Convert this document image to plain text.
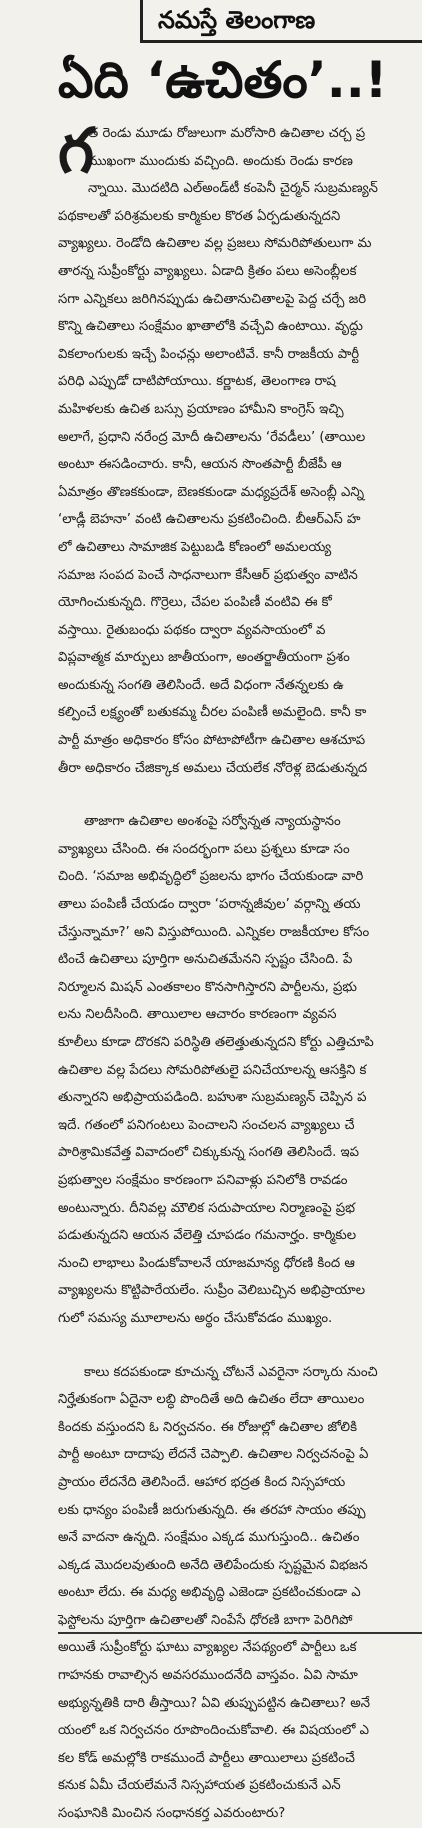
నమస్తే తెలంగాణ
ఏది ‘ఉచితం’..!
గ
త రెండు మూడు రోజులుగా మరోసారి ఉచితాల చర్చ ప్ర
ముఖంగా ముందుకు వచ్చింది. అందుకు రెండు కారణ
న్నాయి. మొదటిది ఎల్‌అండ్‌టీ కంపెనీ చైర్మన్ సుబ్రమణ్యన్
పథకాలతో పరిశ్రమలకు కార్మికుల కొరత ఏర్పడుతున్నదని
వ్యాఖ్యలు. రెండోది ఉచితాల వల్ల ప్రజలు సోమరిపోతులుగా మ
తారన్న సుప్రీంకోర్టు వ్యాఖ్యలు. ఏడాది క్రితం పలు అసెంబ్లీలక
సగా ఎన్నికలు జరిగినప్పుడు ఉచితానుచితాలపై పెద్ద చర్చే జరి
కొన్ని ఉచితాలు సంక్షేమం ఖాతాలోకి వచ్చేవి ఉంటాయి. వృద్ధు
వికలాంగులకు ఇచ్చే పింఛన్లు అలాంటివే. కానీ రాజకీయ పార్టీ
పరిధి ఎప్పుడో దాటిపోయాయి. కర్ణాటక, తెలంగాణ రాష
మహిళలకు ఉచిత బస్సు ప్రయాణం హామీని కాంగ్రెస్ ఇచ్చి
అలాగే, ప్రధాని నరేంద్ర మోదీ ఉచితాలను ‘రేవడీలు’ (తాయిల
అంటూ ఈసడించారు. కానీ, ఆయన సొంతపార్టీ బీజేపీ ఆ
ఏమాత్రం తొణకకుండా, బెణకకుండా మధ్యప్రదేశ్ అసెంబ్లీ ఎన్ని
‘లాడ్లీ బెహనా’ వంటి ఉచితాలను ప్రకటించింది. బీఆర్ఎస్ హ
లో ఉచితాలు సామాజిక పెట్టుబడి కోణంలో అమలయ్య
సమాజ సంపద పెంచే సాధనాలుగా కేసీఆర్ ప్రభుత్వం వాటిన
యోగించుకున్నది. గొర్రెలు, చేపల పంపిణీ వంటివి ఈ కో
వస్తాయి. రైతుబంధు పథకం ద్వారా వ్యవసాయంలో వ
విప్లవాత్మక మార్పులు జాతీయంగా, అంతర్జాతీయంగా ప్రశం
అందుకున్న సంగతి తెలిసిందే. అదే విధంగా నేతన్నలకు ఉ
కల్పించే లక్ష్యంతో బతుకమ్మ చీరల పంపిణీ అమలైంది. కానీ కా
పార్టీ మాత్రం అధికారం కోసం పోటాపోటీగా ఉచితాల ఆశచూప
తీరా అధికారం చేజిక్కాక అమలు చేయలేక నోరెళ్ల బెడుతున్నద
తాజాగా ఉచితాల అంశంపై సర్వోన్నత న్యాయస్థానం
వ్యాఖ్యలు చేసింది. ఈ సందర్భంగా పలు ప్రశ్నలు కూడా సం
చింది. ‘సమాజ అభివృద్ధిలో ప్రజలను భాగం చేయకుండా వారి
తాలు పంపిణీ చేయడం ద్వారా ‘పరాన్నజీవుల’ వర్గాన్ని తయ
చేస్తున్నామా?’ అని విస్తుపోయింది. ఎన్నికల రాజకీయాల కోసం
టించే ఉచితాలు పూర్తిగా అనుచితమేనని స్పష్టం చేసింది. పే
నిర్మూలన మిషన్ ఎంతకాలం కొనసాగిస్తారని పార్టీలను, ప్రభు
లను నిలదీసింది. తాయిలాల ఆచారం కారణంగా వ్యవస
కూలీలు కూడా దొరకని పరిస్థితి తలెత్తుతున్నదని కోర్టు ఎత్తిచూపి
ఉచితాల వల్ల పేదలు సోమరిపోతులై పనిచేయాలన్న ఆసక్తిని క
తున్నారని అభిప్రాయపడింది. బహుశా సుబ్రమణ్యన్ చెప్పిన ప
ఇదే. గతంలో పనిగంటలు పెంచాలని సంచలన వ్యాఖ్యలు చే
పారిశ్రామికవేత్త వివాదంలో చిక్కుకున్న సంగతి తెలిసిందే. ఇప
ప్రభుత్వాల సంక్షేమం కారణంగా పనివాళ్లు పనిలోకి రావడం
అంటున్నారు. దీనివల్ల మౌలిక సదుపాయాల నిర్మాణంపై ప్రభ
పడుతున్నదని ఆయన వేలెత్తి చూపడం గమనార్హం. కార్మికుల
నుంచి లాభాలు పిండుకోవాలనే యాజమాన్య ధోరణి కింద ఆ
వ్యాఖ్యలను కొట్టిపారేయలేం. సుప్రీం వెలిబుచ్చిన అభిప్రాయాల
గులో సమస్య మూలాలను అర్థం చేసుకోవడం ముఖ్యం.
కాలు కదపకుండా కూచున్న చోటనే ఎవరైనా సర్కారు నుంచి
నిర్హేతుకంగా ఏదైనా లబ్ధి పొందితే అది ఉచితం లేదా తాయిలం
కిందకు వస్తుందని ఓ నిర్వచనం. ఈ రోజుల్లో ఉచితాల జోలికి
పార్టీ అంటూ దాదాపు లేదనే చెప్పాలి. ఉచితాల నిర్వచనంపై ఏ
ప్రాయం లేదనేది తెలిసిందే. ఆహార భద్రత కింద నిస్సహాయ
లకు ధాన్యం పంపిణీ జరుగుతున్నది. ఈ తరహా సాయం తప్పు
అనే వాదనా ఉన్నది. సంక్షేమం ఎక్కడ ముగుస్తుంది.. ఉచితం
ఎక్కడ మొదలవుతుంది అనేది తెలిపేందుకు స్పష్టమైన విభజన
అంటూ లేదు. ఈ మధ్య అభివృద్ధి ఎజెండా ప్రకటించకుండా ఎ
ఫెస్టోలను పూర్తిగా ఉచితాలతో నింపేసే ధోరణి బాగా పెరిగిపో
అయితే సుప్రీంకోర్టు ఘాటు వ్యాఖ్యల నేపథ్యంలో పార్టీలు ఒక
గాహనకు రావాల్సిన అవసరముందనేది వాస్తవం. ఏవి సామా
అభ్యున్నతికి దారి తీస్తాయి? ఏవి తుప్పుపట్టిన ఉచితాలు? అనే
యంలో ఒక నిర్వచనం రూపొందించుకోవాలి. ఈ విషయంలో ఎ
కల కోడ్ అమల్లోకి రాకముందే పార్టీలు తాయిలాలు ప్రకటించే
కనుక ఏమీ చేయలేమనే నిస్సహాయత ప్రకటించుకునే ఎన్
సంఘానికి మించిన సంధానకర్త ఎవరుంటారు?
